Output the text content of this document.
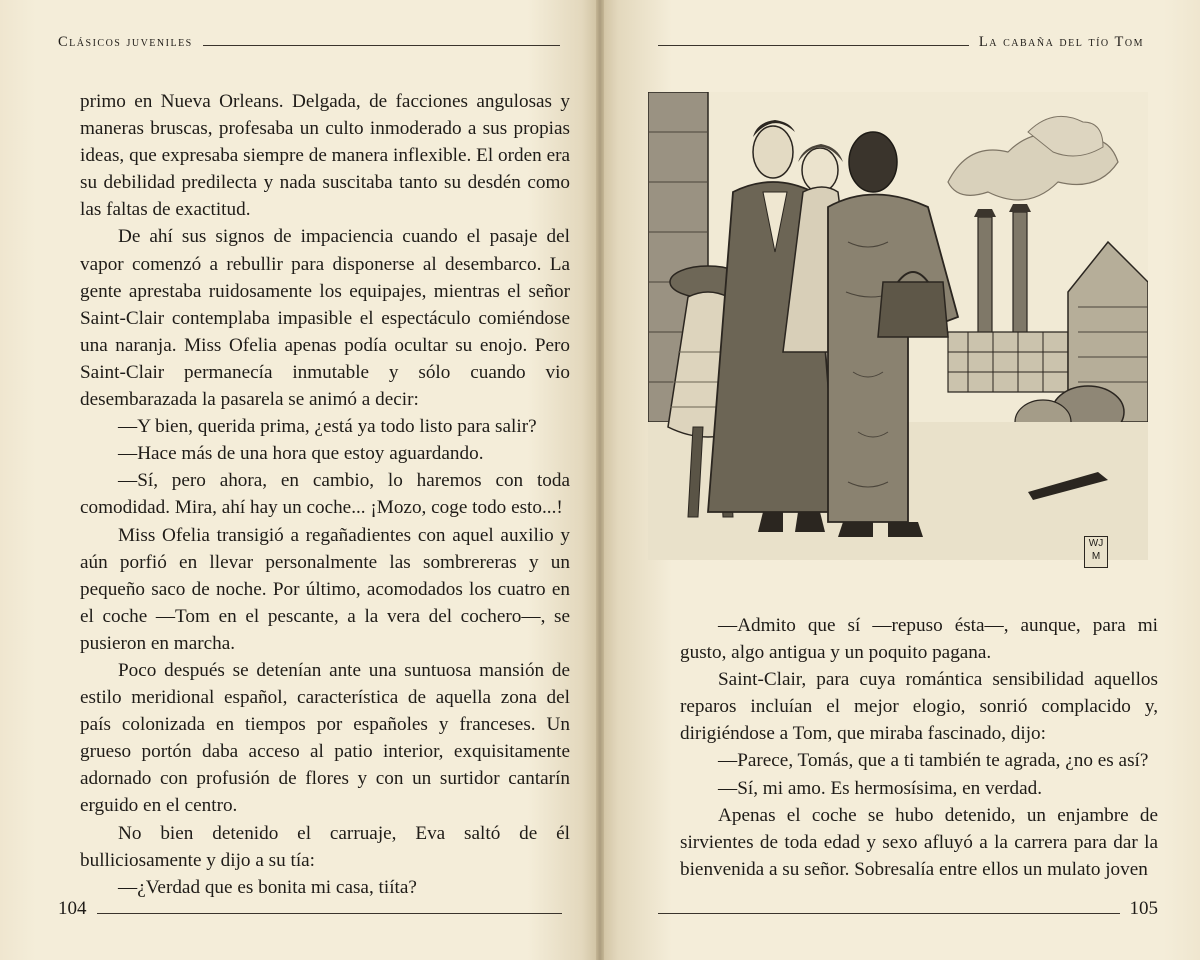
Clásicos juveniles

primo en Nueva Orleans. Delgada, de facciones angulosas y maneras bruscas, profesaba un culto inmoderado a sus propias ideas, que expresaba siempre de manera inflexible. El orden era su debilidad predilecta y nada suscitaba tanto su desdén como las faltas de exactitud.

De ahí sus signos de impaciencia cuando el pasaje del vapor comenzó a rebullir para disponerse al desembarco. La gente aprestaba ruidosamente los equipajes, mientras el señor Saint-Clair contemplaba impasible el espectáculo comiéndose una naranja. Miss Ofelia apenas podía ocultar su enojo. Pero Saint-Clair permanecía inmutable y sólo cuando vio desembarazada la pasarela se animó a decir:

—Y bien, querida prima, ¿está ya todo listo para salir?

—Hace más de una hora que estoy aguardando.

—Sí, pero ahora, en cambio, lo haremos con toda comodidad. Mira, ahí hay un coche... ¡Mozo, coge todo esto...!

Miss Ofelia transigió a regañadientes con aquel auxilio y aún porfió en llevar personalmente las sombrereras y un pequeño saco de noche. Por último, acomodados los cuatro en el coche —Tom en el pescante, a la vera del cochero—, se pusieron en marcha.

Poco después se detenían ante una suntuosa mansión de estilo meridional español, característica de aquella zona del país colonizada en tiempos por españoles y franceses. Un grueso portón daba acceso al patio interior, exquisitamente adornado con profusión de flores y con un surtidor cantarín erguido en el centro.

No bien detenido el carruaje, Eva saltó de él bulliciosamente y dijo a su tía:

—¿Verdad que es bonita mi casa, tiíta?

104
La cabaña del tío Tom
WJ
M

—Admito que sí —repuso ésta—, aunque, para mi gusto, algo antigua y un poquito pagana.

Saint-Clair, para cuya romántica sensibilidad aquellos reparos incluían el mejor elogio, sonrió complacido y, dirigiéndose a Tom, que miraba fascinado, dijo:

—Parece, Tomás, que a ti también te agrada, ¿no es así?

—Sí, mi amo. Es hermosísima, en verdad.

Apenas el coche se hubo detenido, un enjambre de sirvientes de toda edad y sexo afluyó a la carrera para dar la bienvenida a su señor. Sobresalía entre ellos un mulato joven

105
